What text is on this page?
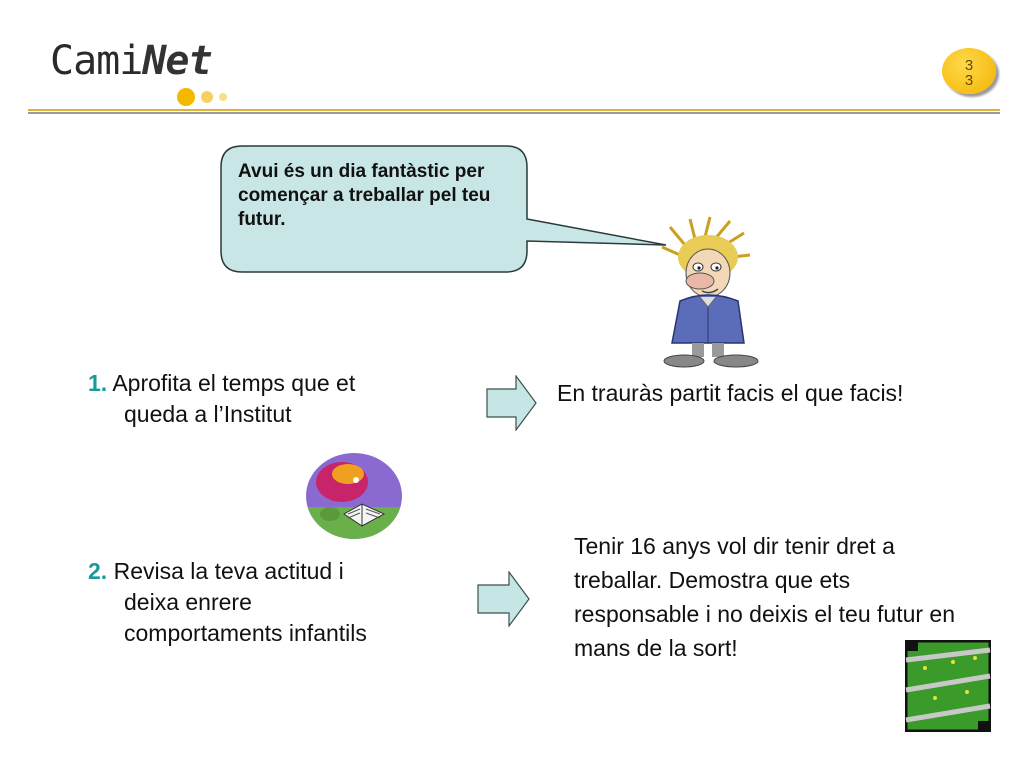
CamiNet	33
Avui és un dia fantàstic per començar a treballar pel teu futur.
1. Aprofita el temps que et
queda a l’Institut
En trauràs partit facis el que facis!
2. Revisa la teva actitud i
deixa enrere
comportaments infantils
Tenir 16 anys vol dir tenir dret a treballar. Demostra que ets responsable i no deixis el teu futur en mans de la sort!
